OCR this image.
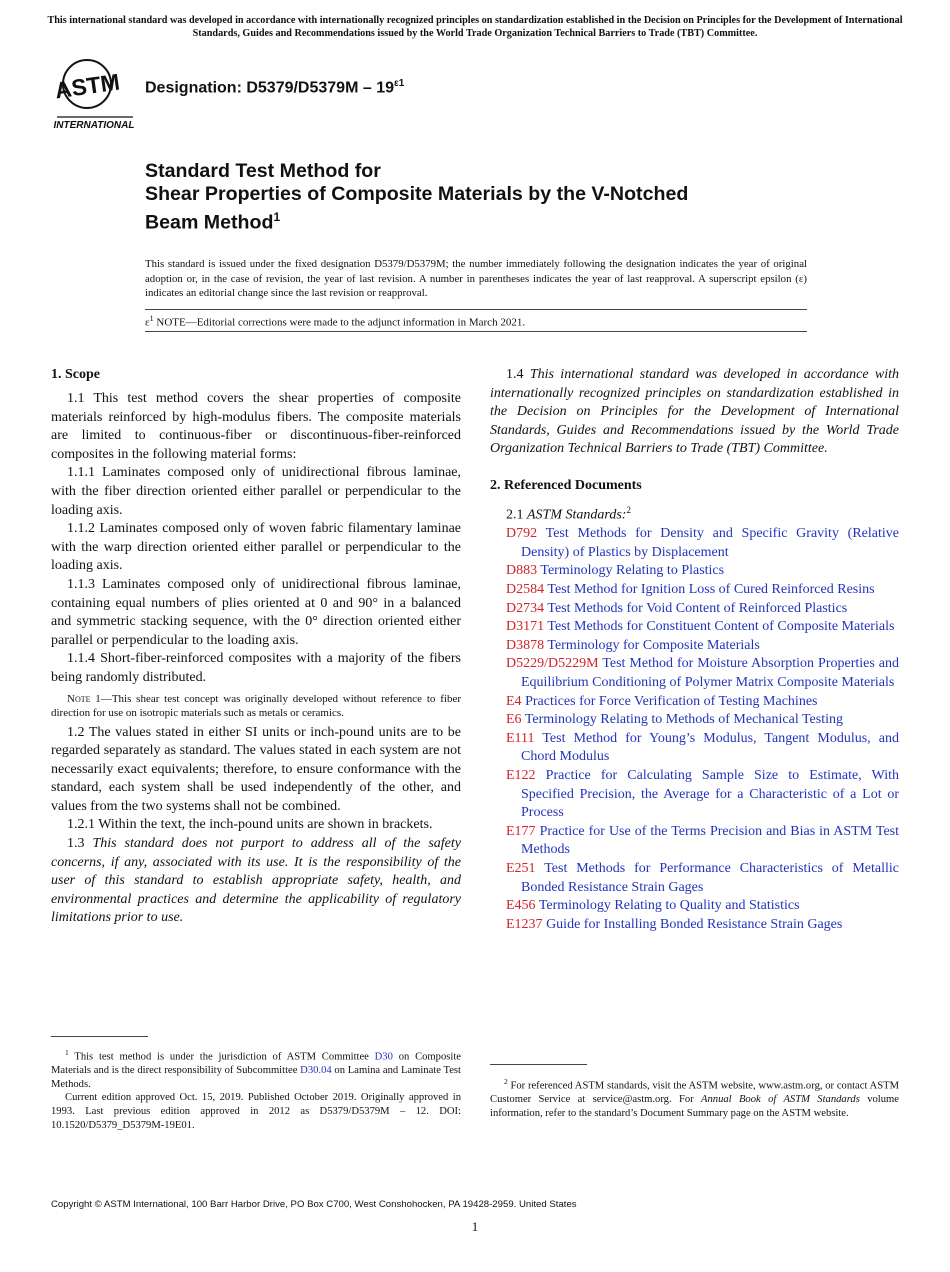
This international standard was developed in accordance with internationally recognized principles on standardization established in the Decision on Principles for the Development of International Standards, Guides and Recommendations issued by the World Trade Organization Technical Barriers to Trade (TBT) Committee.
ASTM
INTERNATIONAL
Designation: $D5379/D5379M - 19^{\varepsilon 1}$
Standard Test Method for
Shear Properties of Composite Materials by the V-Notched
Beam Method$^1$
This standard is issued under the fixed designation D5379/D5379M; the number immediately following the designation indicates the year of original adoption or, in the case of revision, the year of last revision. A number in parentheses indicates the year of last reapproval. A superscript epsilon (ε) indicates an editorial change since the last revision or reapproval.
$\varepsilon^1$ NOTE—Editorial corrections were made to the adjunct information in March 2021.
1. Scope

1.1 This test method covers the shear properties of composite materials reinforced by high-modulus fibers. The composite materials are limited to continuous-fiber or discontinuous-fiber-reinforced composites in the following material forms:

1.1.1 Laminates composed only of unidirectional fibrous laminae, with the fiber direction oriented either parallel or perpendicular to the loading axis.

1.1.2 Laminates composed only of woven fabric filamentary laminae with the warp direction oriented either parallel or perpendicular to the loading axis.

1.1.3 Laminates composed only of unidirectional fibrous laminae, containing equal numbers of plies oriented at 0 and 90° in a balanced and symmetric stacking sequence, with the 0° direction oriented either parallel or perpendicular to the loading axis.

1.1.4 Short-fiber-reinforced composites with a majority of the fibers being randomly distributed.

Note 1—This shear test concept was originally developed without reference to fiber direction for use on isotropic materials such as metals or ceramics.

1.2 The values stated in either SI units or inch-pound units are to be regarded separately as standard. The values stated in each system are not necessarily exact equivalents; therefore, to ensure conformance with the standard, each system shall be used independently of the other, and values from the two systems shall not be combined.

1.2.1 Within the text, the inch-pound units are shown in brackets.

1.3 This standard does not purport to address all of the safety concerns, if any, associated with its use. It is the responsibility of the user of this standard to establish appropriate safety, health, and environmental practices and determine the applicability of regulatory limitations prior to use.

1.4 This international standard was developed in accordance with internationally recognized principles on standardization established in the Decision on Principles for the Development of International Standards, Guides and Recommendations issued by the World Trade Organization Technical Barriers to Trade (TBT) Committee.

2. Referenced Documents

2.1 ASTM Standards:$^2$

D792 Test Methods for Density and Specific Gravity (Relative Density) of Plastics by Displacement

D883 Terminology Relating to Plastics

D2584 Test Method for Ignition Loss of Cured Reinforced Resins

D2734 Test Methods for Void Content of Reinforced Plastics

D3171 Test Methods for Constituent Content of Composite Materials

D3878 Terminology for Composite Materials

D5229/D5229M Test Method for Moisture Absorption Properties and Equilibrium Conditioning of Polymer Matrix Composite Materials

E4 Practices for Force Verification of Testing Machines

E6 Terminology Relating to Methods of Mechanical Testing

E111 Test Method for Young’s Modulus, Tangent Modulus, and Chord Modulus

E122 Practice for Calculating Sample Size to Estimate, With Specified Precision, the Average for a Characteristic of a Lot or Process

E177 Practice for Use of the Terms Precision and Bias in ASTM Test Methods

E251 Test Methods for Performance Characteristics of Metallic Bonded Resistance Strain Gages

E456 Terminology Relating to Quality and Statistics

E1237 Guide for Installing Bonded Resistance Strain Gages

$^1$ This test method is under the jurisdiction of ASTM Committee D30 on Composite Materials and is the direct responsibility of Subcommittee D30.04 on Lamina and Laminate Test Methods.

Current edition approved Oct. 15, 2019. Published October 2019. Originally approved in 1993. Last previous edition approved in 2012 as D5379/D5379M – 12. DOI: 10.1520/D5379_D5379M-19E01.

$^2$ For referenced ASTM standards, visit the ASTM website, www.astm.org, or contact ASTM Customer Service at service@astm.org. For Annual Book of ASTM Standards volume information, refer to the standard’s Document Summary page on the ASTM website.

Copyright © ASTM International, 100 Barr Harbor Drive, PO Box C700, West Conshohocken, PA 19428-2959. United States
1
